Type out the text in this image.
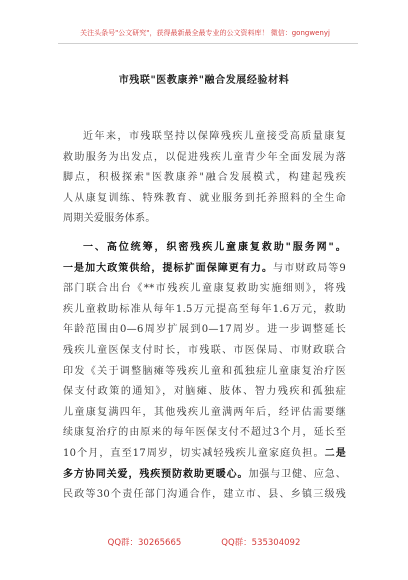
关注头条号"公文研究"，获得最新最全最专业的公文资料库！ 微信：gongwenyj
市残联"医教康养"融合发展经验材料
近年来，市残联坚持以保障残疾儿童接受高质量康复
救助服务为出发点，以促进残疾儿童青少年全面发展为落
脚点，积极探索"医教康养"融合发展模式，构建起残疾
人从康复训练、特殊教育、就业服务到托养照料的全生命
周期关爱服务体系。
一、高位统筹，织密残疾儿童康复救助"服务网"。
一是加大政策供给，提标扩面保障更有力。与市财政局等9
部门联合出台《**市残疾儿童康复救助实施细则》，将残
疾儿童救助标准从每年1.5万元提高至每年1.6万元，救助
年龄范围由0—6周岁扩展到0—17周岁。进一步调整延长
残疾儿童医保支付时长，市残联、市医保局、市财政联合
印发《关于调整脑瘫等残疾儿童和孤独症儿童康复治疗医
保支付政策的通知》，对脑瘫、肢体、智力残疾和孤独症
儿童康复满四年，其他残疾儿童满两年后，经评估需要继
续康复治疗的由原来的每年医保支付不超过3个月，延长至
10个月，直至17周岁，切实减轻残疾儿童家庭负担。二是
多方协同关爱，残疾预防救助更暖心。加强与卫健、应急、
民政等30个责任部门沟通合作，建立市、县、乡镇三级残
QQ群：30265665	QQ群：535304092
